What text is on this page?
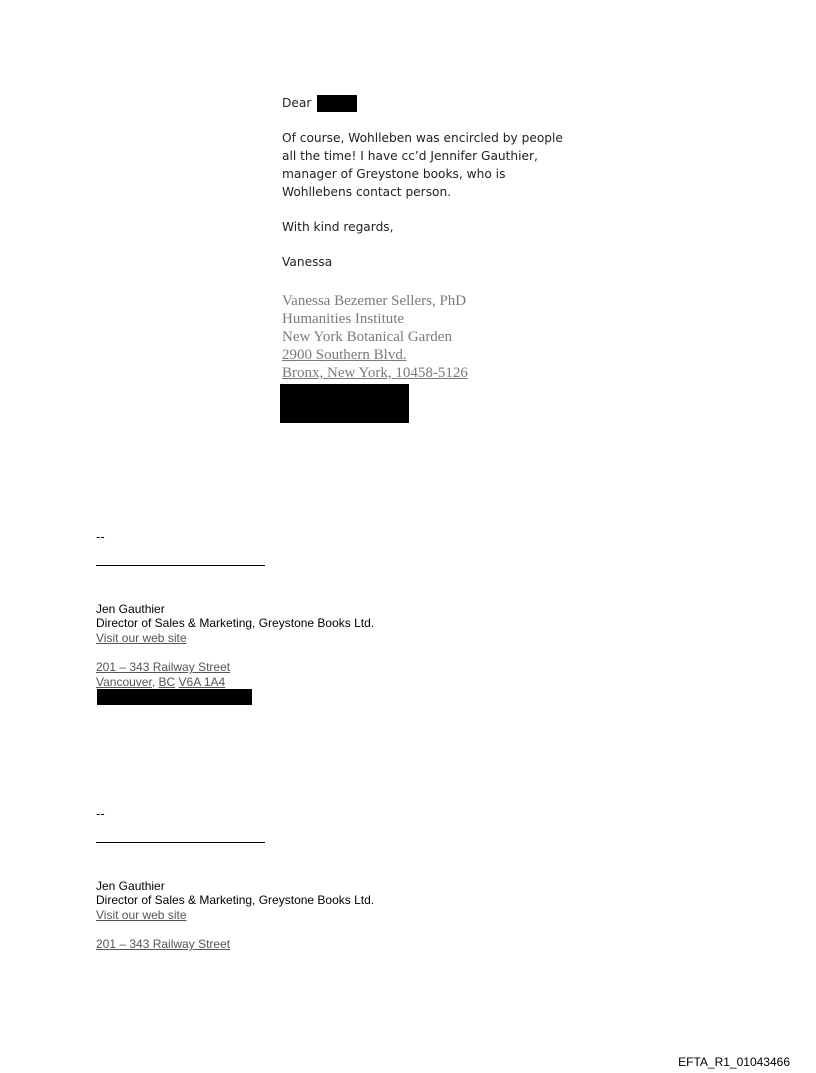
Dear

Of course, Wohlleben was encircled by people all the time! I have cc’d Jennifer Gauthier, manager of Greystone books, who is Wohllebens contact person.

With kind regards,

Vanessa

Vanessa Bezemer Sellers, PhD
Humanities Institute
New York Botanical Garden
2900 Southern Blvd.
Bronx, New York, 10458-5126
--
Jen Gauthier
Director of Sales & Marketing, Greystone Books Ltd.
Visit our web site
201 – 343 Railway Street
Vancouver, BC V6A 1A4
--
Jen Gauthier
Director of Sales & Marketing, Greystone Books Ltd.
Visit our web site
201 – 343 Railway Street
EFTA_R1_01043466
